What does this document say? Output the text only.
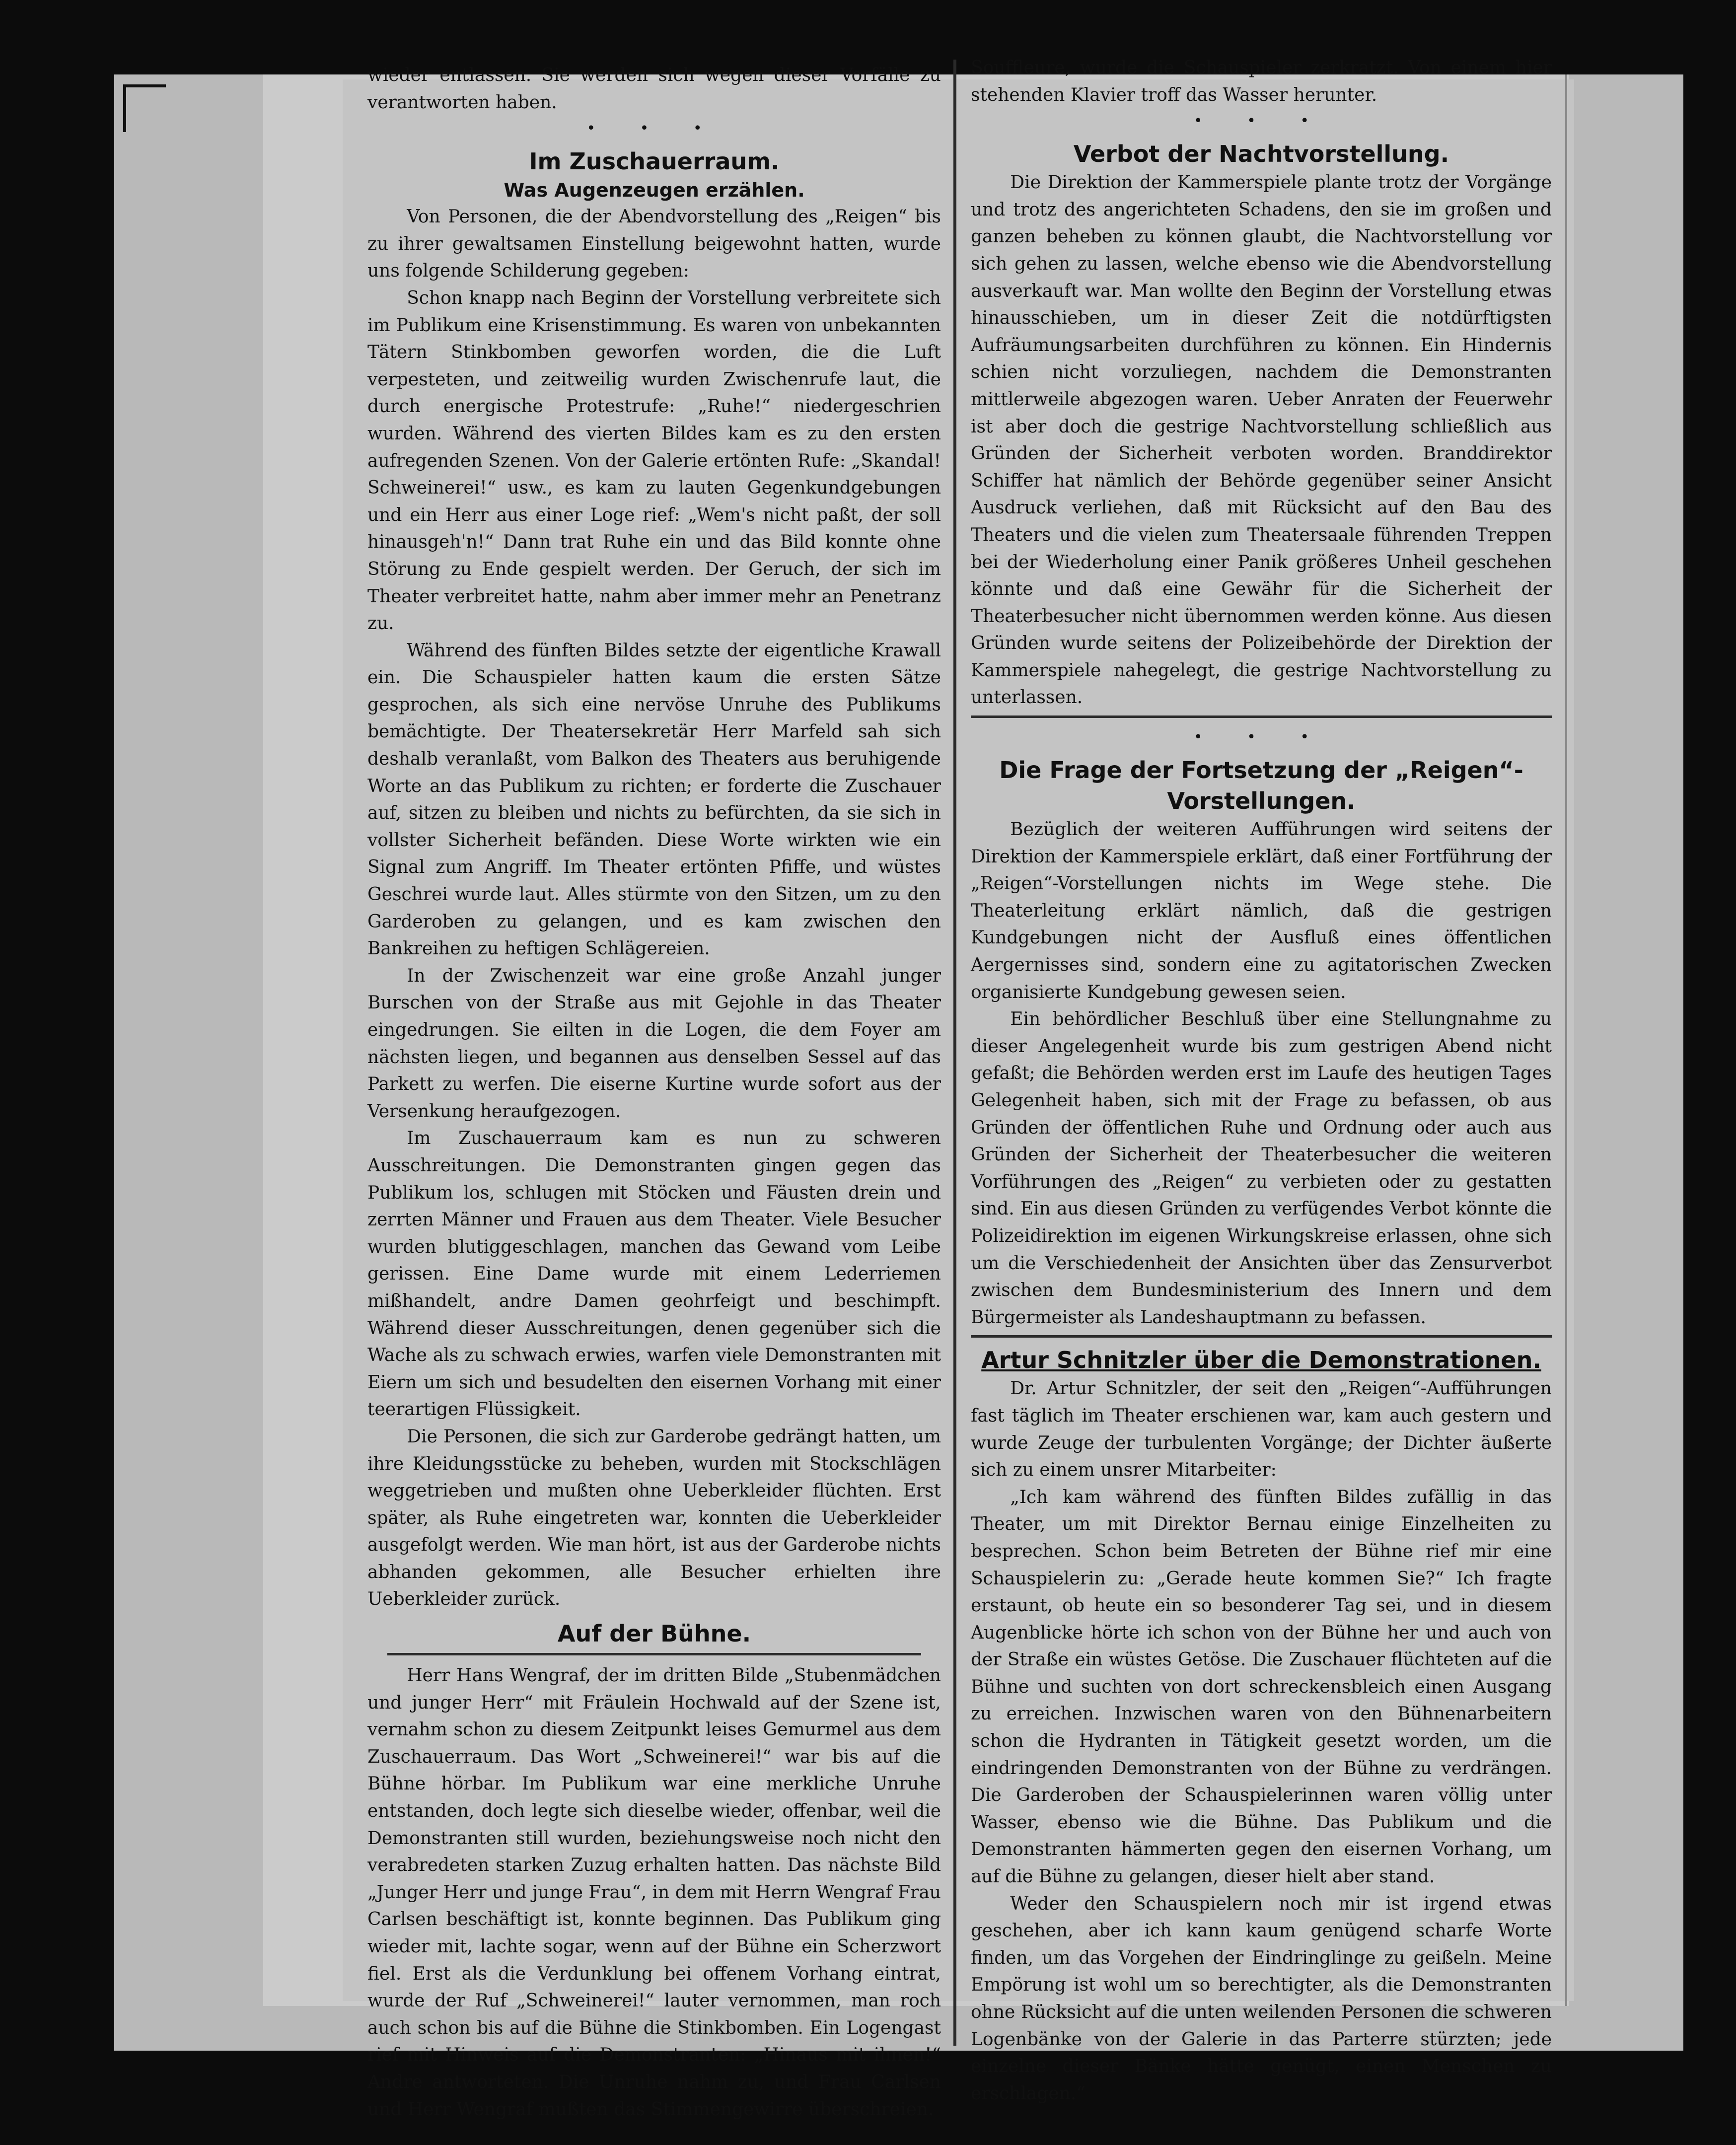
wieder entlassen. Sie werden sich wegen dieser Vorfälle zu verantworten haben.

• • •
Im Zuschauerraum.
Was Augenzeugen erzählen.

Von Personen, die der Abendvorstellung des „Reigen“ bis zu ihrer gewaltsamen Einstellung beigewohnt hatten, wurde uns folgende Schilderung gegeben:

Schon knapp nach Beginn der Vorstellung verbreitete sich im Publikum eine Krisenstimmung. Es waren von unbekannten Tätern Stinkbomben geworfen worden, die die Luft verpesteten, und zeitweilig wurden Zwischenrufe laut, die durch energische Protestrufe: „Ruhe!“ niedergeschrien wurden. Während des vierten Bildes kam es zu den ersten aufregenden Szenen. Von der Galerie ertönten Rufe: „Skandal! Schweinerei!“ usw., es kam zu lauten Gegenkundgebungen und ein Herr aus einer Loge rief: „Wem's nicht paßt, der soll hinausgeh'n!“ Dann trat Ruhe ein und das Bild konnte ohne Störung zu Ende gespielt werden. Der Geruch, der sich im Theater verbreitet hatte, nahm aber immer mehr an Penetranz zu.

Während des fünften Bildes setzte der eigentliche Krawall ein. Die Schauspieler hatten kaum die ersten Sätze gesprochen, als sich eine nervöse Unruhe des Publikums bemächtigte. Der Theatersekretär Herr Marfeld sah sich deshalb veranlaßt, vom Balkon des Theaters aus beruhigende Worte an das Publikum zu richten; er forderte die Zuschauer auf, sitzen zu bleiben und nichts zu befürchten, da sie sich in vollster Sicherheit befänden. Diese Worte wirkten wie ein Signal zum Angriff. Im Theater ertönten Pfiffe, und wüstes Geschrei wurde laut. Alles stürmte von den Sitzen, um zu den Garderoben zu gelangen, und es kam zwischen den Bankreihen zu heftigen Schlägereien.

In der Zwischenzeit war eine große Anzahl junger Burschen von der Straße aus mit Gejohle in das Theater eingedrungen. Sie eilten in die Logen, die dem Foyer am nächsten liegen, und begannen aus denselben Sessel auf das Parkett zu werfen. Die eiserne Kurtine wurde sofort aus der Versenkung heraufgezogen.

Im Zuschauerraum kam es nun zu schweren Ausschreitungen. Die Demonstranten gingen gegen das Publikum los, schlugen mit Stöcken und Fäusten drein und zerrten Männer und Frauen aus dem Theater. Viele Besucher wurden blutiggeschlagen, manchen das Gewand vom Leibe gerissen. Eine Dame wurde mit einem Lederriemen mißhandelt, andre Damen geohrfeigt und beschimpft. Während dieser Ausschreitungen, denen gegenüber sich die Wache als zu schwach erwies, warfen viele Demonstranten mit Eiern um sich und besudelten den eisernen Vorhang mit einer teerartigen Flüssigkeit.

Die Personen, die sich zur Garderobe gedrängt hatten, um ihre Kleidungsstücke zu beheben, wurden mit Stockschlägen weggetrieben und mußten ohne Ueberkleider flüchten. Erst später, als Ruhe eingetreten war, konnten die Ueberkleider ausgefolgt werden. Wie man hört, ist aus der Garderobe nichts abhanden gekommen, alle Besucher erhielten ihre Ueberkleider zurück.

Auf der Bühne.

Herr Hans Wengraf, der im dritten Bilde „Stubenmädchen und junger Herr“ mit Fräulein Hochwald auf der Szene ist, vernahm schon zu diesem Zeitpunkt leises Gemurmel aus dem Zuschauerraum. Das Wort „Schweinerei!“ war bis auf die Bühne hörbar. Im Publikum war eine merkliche Unruhe entstanden, doch legte sich dieselbe wieder, offenbar, weil die Demonstranten still wurden, beziehungsweise noch nicht den verabredeten starken Zuzug erhalten hatten. Das nächste Bild „Junger Herr und junge Frau“, in dem mit Herrn Wengraf Frau Carlsen beschäftigt ist, konnte beginnen. Das Publikum ging wieder mit, lachte sogar, wenn auf der Bühne ein Scherzwort fiel. Erst als die Verdunklung bei offenem Vorhang eintrat, wurde der Ruf „Schweinerei!“ lauter vernommen, man roch auch schon bis auf die Bühne die Stinkbomben. Ein Logengast rief mit Hinweis auf die Demonstranten: „Hinaus mit ihnen!“ Andre antworteten. Die Unruhe nahm zu, und Frau Carlsen und Herr Wengraf mußten das Stimmengewirre überschreien.

Souffleure, wurde die Schauspieler zerkratzt. Von einem hier stehenden Klavier troff das Wasser herunter.

• • •
Verbot der Nachtvorstellung.

Die Direktion der Kammerspiele plante trotz der Vorgänge und trotz des angerichteten Schadens, den sie im großen und ganzen beheben zu können glaubt, die Nachtvorstellung vor sich gehen zu lassen, welche ebenso wie die Abendvorstellung ausverkauft war. Man wollte den Beginn der Vorstellung etwas hinausschieben, um in dieser Zeit die notdürftigsten Aufräumungsarbeiten durchführen zu können. Ein Hindernis schien nicht vorzuliegen, nachdem die Demonstranten mittlerweile abgezogen waren. Ueber Anraten der Feuerwehr ist aber doch die gestrige Nachtvorstellung schließlich aus Gründen der Sicherheit verboten worden. Branddirektor Schiffer hat nämlich der Behörde gegenüber seiner Ansicht Ausdruck verliehen, daß mit Rücksicht auf den Bau des Theaters und die vielen zum Theatersaale führenden Treppen bei der Wiederholung einer Panik größeres Unheil geschehen könnte und daß eine Gewähr für die Sicherheit der Theaterbesucher nicht übernommen werden könne. Aus diesen Gründen wurde seitens der Polizeibehörde der Direktion der Kammerspiele nahegelegt, die gestrige Nachtvorstellung zu unterlassen.

• • •
Die Frage der Fortsetzung der „Reigen“-Vorstellungen.

Bezüglich der weiteren Aufführungen wird seitens der Direktion der Kammerspiele erklärt, daß einer Fortführung der „Reigen“-Vorstellungen nichts im Wege stehe. Die Theaterleitung erklärt nämlich, daß die gestrigen Kundgebungen nicht der Ausfluß eines öffentlichen Aergernisses sind, sondern eine zu agitatorischen Zwecken organisierte Kundgebung gewesen seien.

Ein behördlicher Beschluß über eine Stellungnahme zu dieser Angelegenheit wurde bis zum gestrigen Abend nicht gefaßt; die Behörden werden erst im Laufe des heutigen Tages Gelegenheit haben, sich mit der Frage zu befassen, ob aus Gründen der öffentlichen Ruhe und Ordnung oder auch aus Gründen der Sicherheit der Theaterbesucher die weiteren Vorführungen des „Reigen“ zu verbieten oder zu gestatten sind. Ein aus diesen Gründen zu verfügendes Verbot könnte die Polizeidirektion im eigenen Wirkungskreise erlassen, ohne sich um die Verschiedenheit der Ansichten über das Zensurverbot zwischen dem Bundesministerium des Innern und dem Bürgermeister als Landeshauptmann zu befassen.

Artur Schnitzler über die Demonstrationen.

Dr. Artur Schnitzler, der seit den „Reigen“-Aufführungen fast täglich im Theater erschienen war, kam auch gestern und wurde Zeuge der turbulenten Vorgänge; der Dichter äußerte sich zu einem unsrer Mitarbeiter:

„Ich kam während des fünften Bildes zufällig in das Theater, um mit Direktor Bernau einige Einzelheiten zu besprechen. Schon beim Betreten der Bühne rief mir eine Schauspielerin zu: „Gerade heute kommen Sie?“ Ich fragte erstaunt, ob heute ein so besonderer Tag sei, und in diesem Augenblicke hörte ich schon von der Bühne her und auch von der Straße ein wüstes Getöse. Die Zuschauer flüchteten auf die Bühne und suchten von dort schreckensbleich einen Ausgang zu erreichen. Inzwischen waren von den Bühnenarbeitern schon die Hydranten in Tätigkeit gesetzt worden, um die eindringenden Demonstranten von der Bühne zu verdrängen. Die Garderoben der Schauspielerinnen waren völlig unter Wasser, ebenso wie die Bühne. Das Publikum und die Demonstranten hämmerten gegen den eisernen Vorhang, um auf die Bühne zu gelangen, dieser hielt aber stand.

Weder den Schauspielern noch mir ist irgend etwas geschehen, aber ich kann kaum genügend scharfe Worte finden, um das Vorgehen der Eindringlinge zu geißeln. Meine Empörung ist wohl um so berechtigter, als die Demonstranten ohne Rücksicht auf die unten weilenden Personen die schweren Logenbänke von der Galerie in das Parterre stürzten; jede einzelne dieser Bänke hätte genügt, einen Menschen zu erschlagen.“
